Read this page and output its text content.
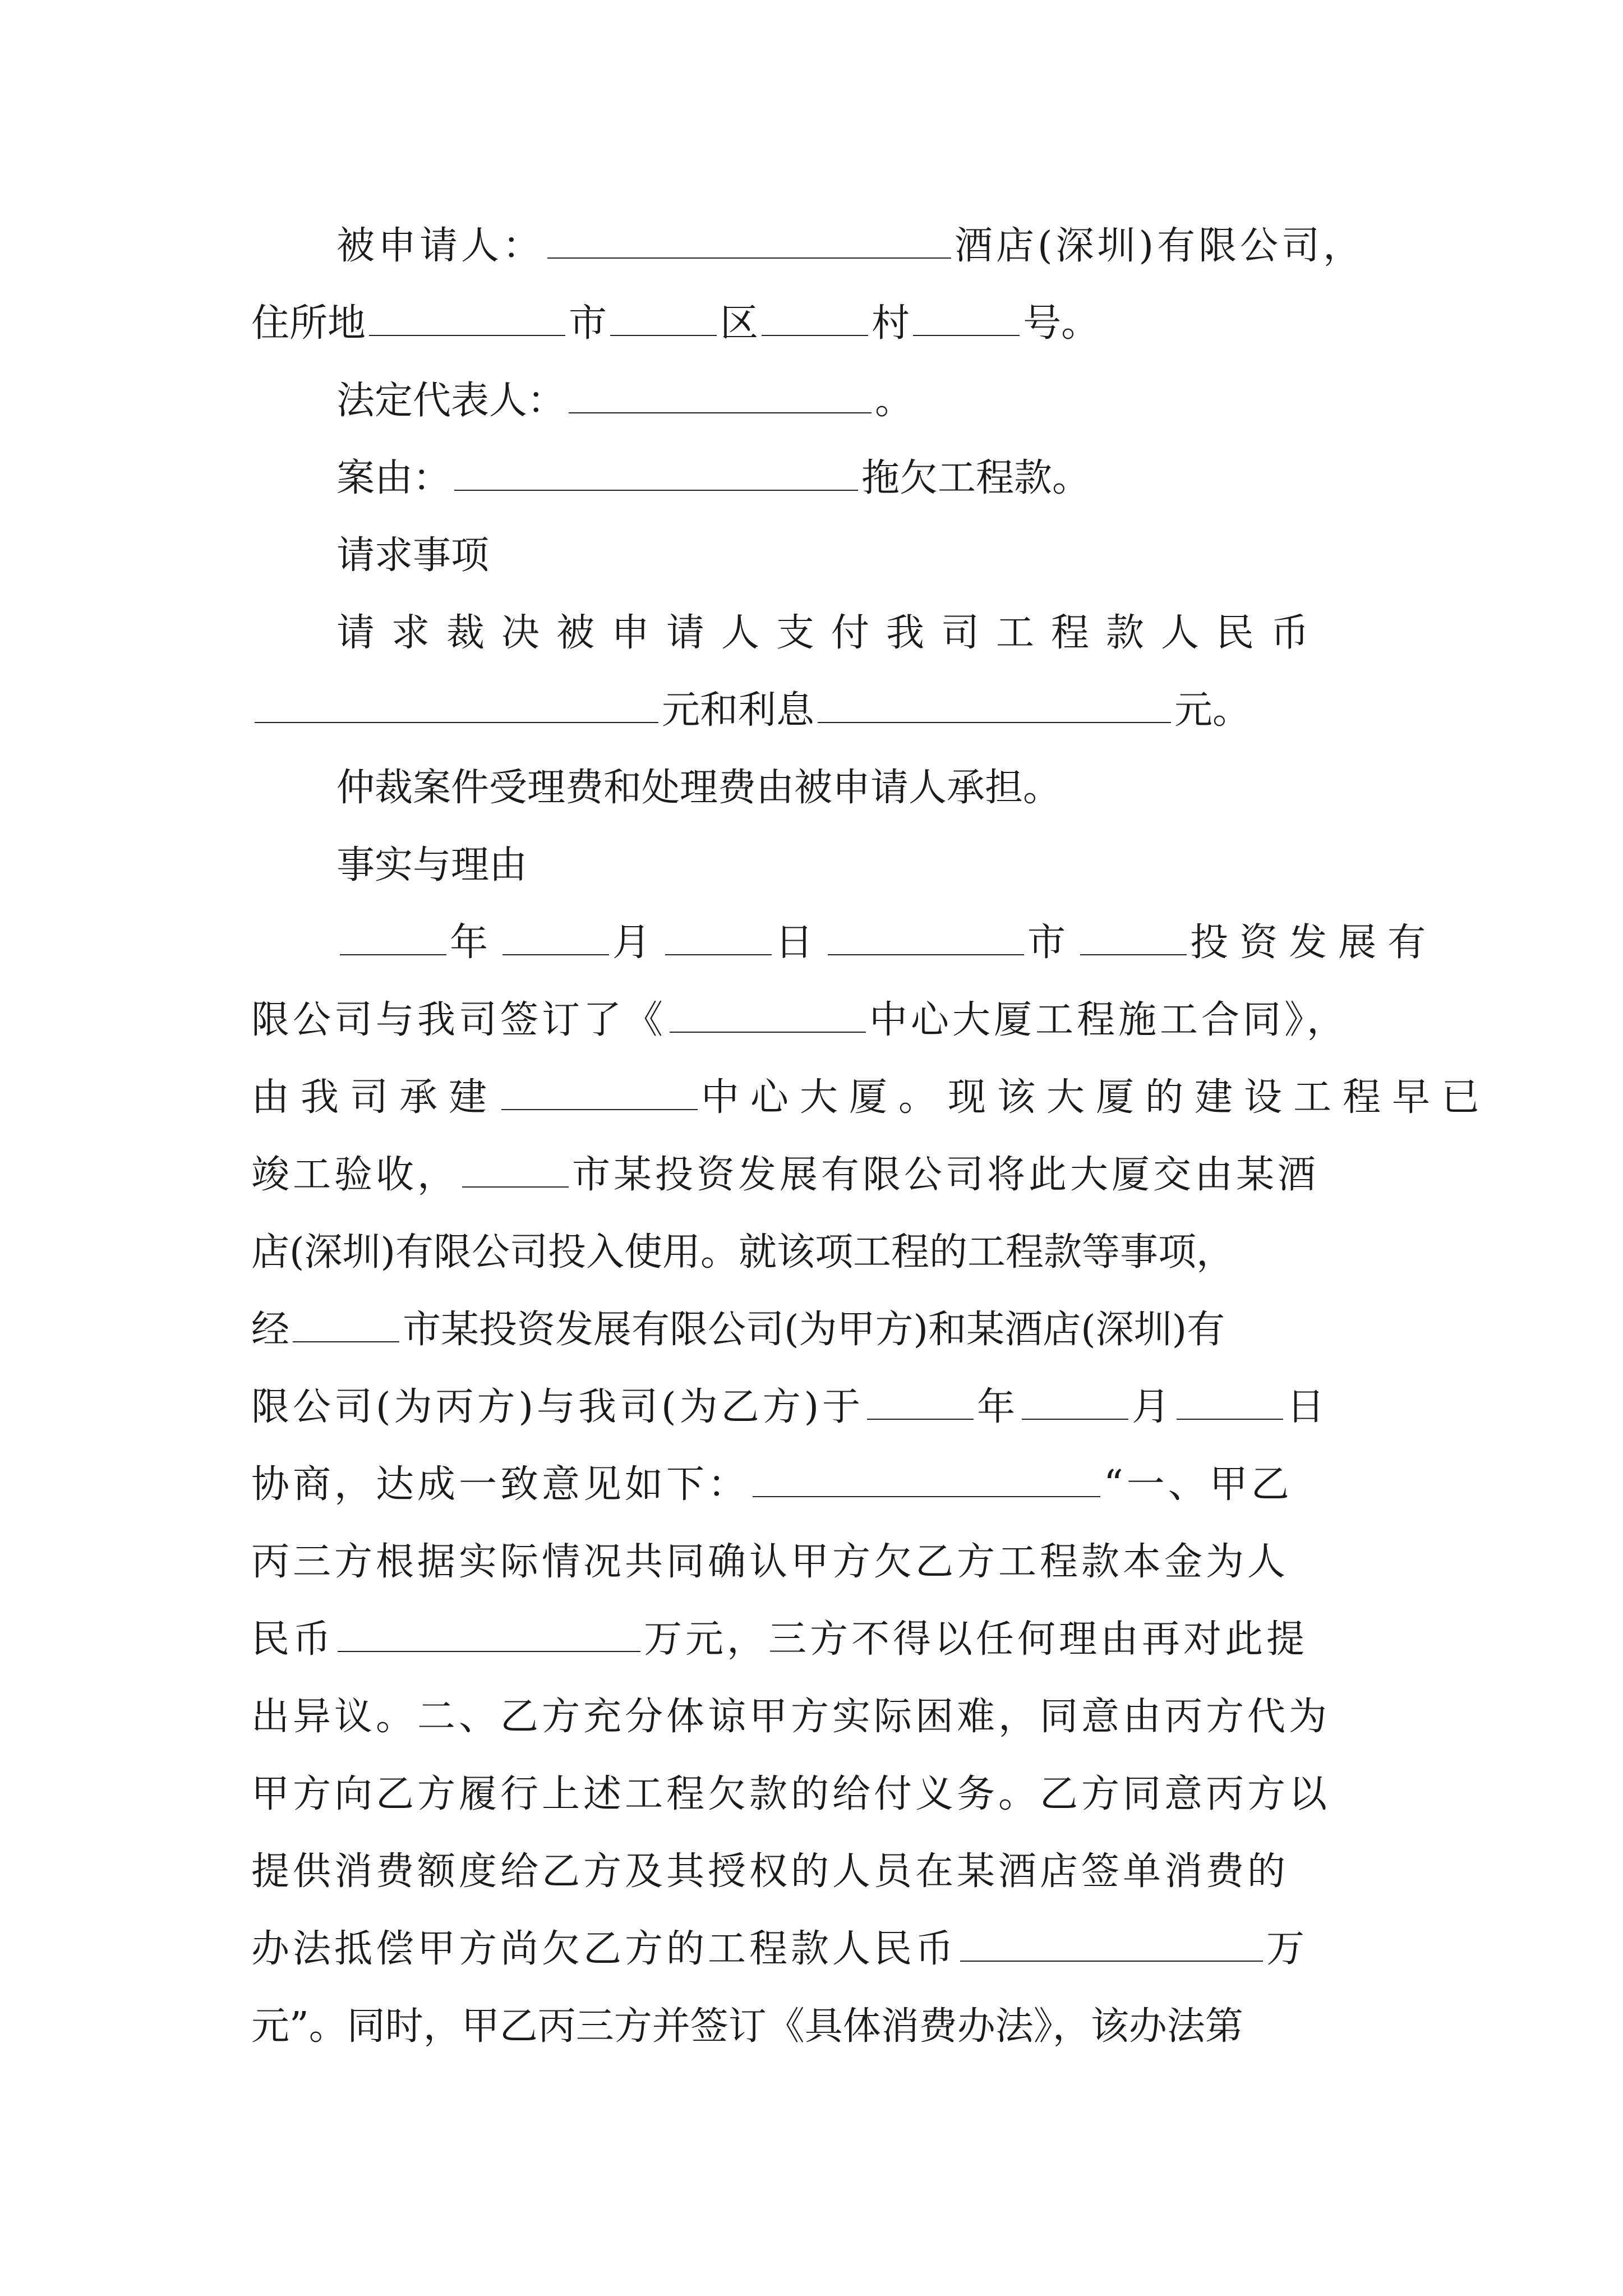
被申请人：	酒店(深圳)有限公司，
住所地	市	区	村	号。
法定代表人：	。
案由：	拖欠工程款。
请求事项
请求裁决被申请人支付我司工程款人民币
元和利息	元。
仲裁案件受理费和处理费由被申请人承担。
事实与理由
年	月	日	市	投资发展有
限公司与我司签订了《	中心大厦工程施工合同》，
由我司承建	中心大厦。现该大厦的建设工程早已
竣工验收，	市某投资发展有限公司将此大厦交由某酒
店(深圳)有限公司投入使用。就该项工程的工程款等事项，
经	市某投资发展有限公司(为甲方)和某酒店(深圳)有
限公司(为丙方)与我司(为乙方)于	年	月	日
协商，达成一致意见如下：	“一、甲乙
丙三方根据实际情况共同确认甲方欠乙方工程款本金为人
民币	万元，三方不得以任何理由再对此提
出异议。二、乙方充分体谅甲方实际困难，同意由丙方代为
甲方向乙方履行上述工程欠款的给付义务。乙方同意丙方以
提供消费额度给乙方及其授权的人员在某酒店签单消费的
办法抵偿甲方尚欠乙方的工程款人民币	万
元”。同时，甲乙丙三方并签订《具体消费办法》，该办法第
